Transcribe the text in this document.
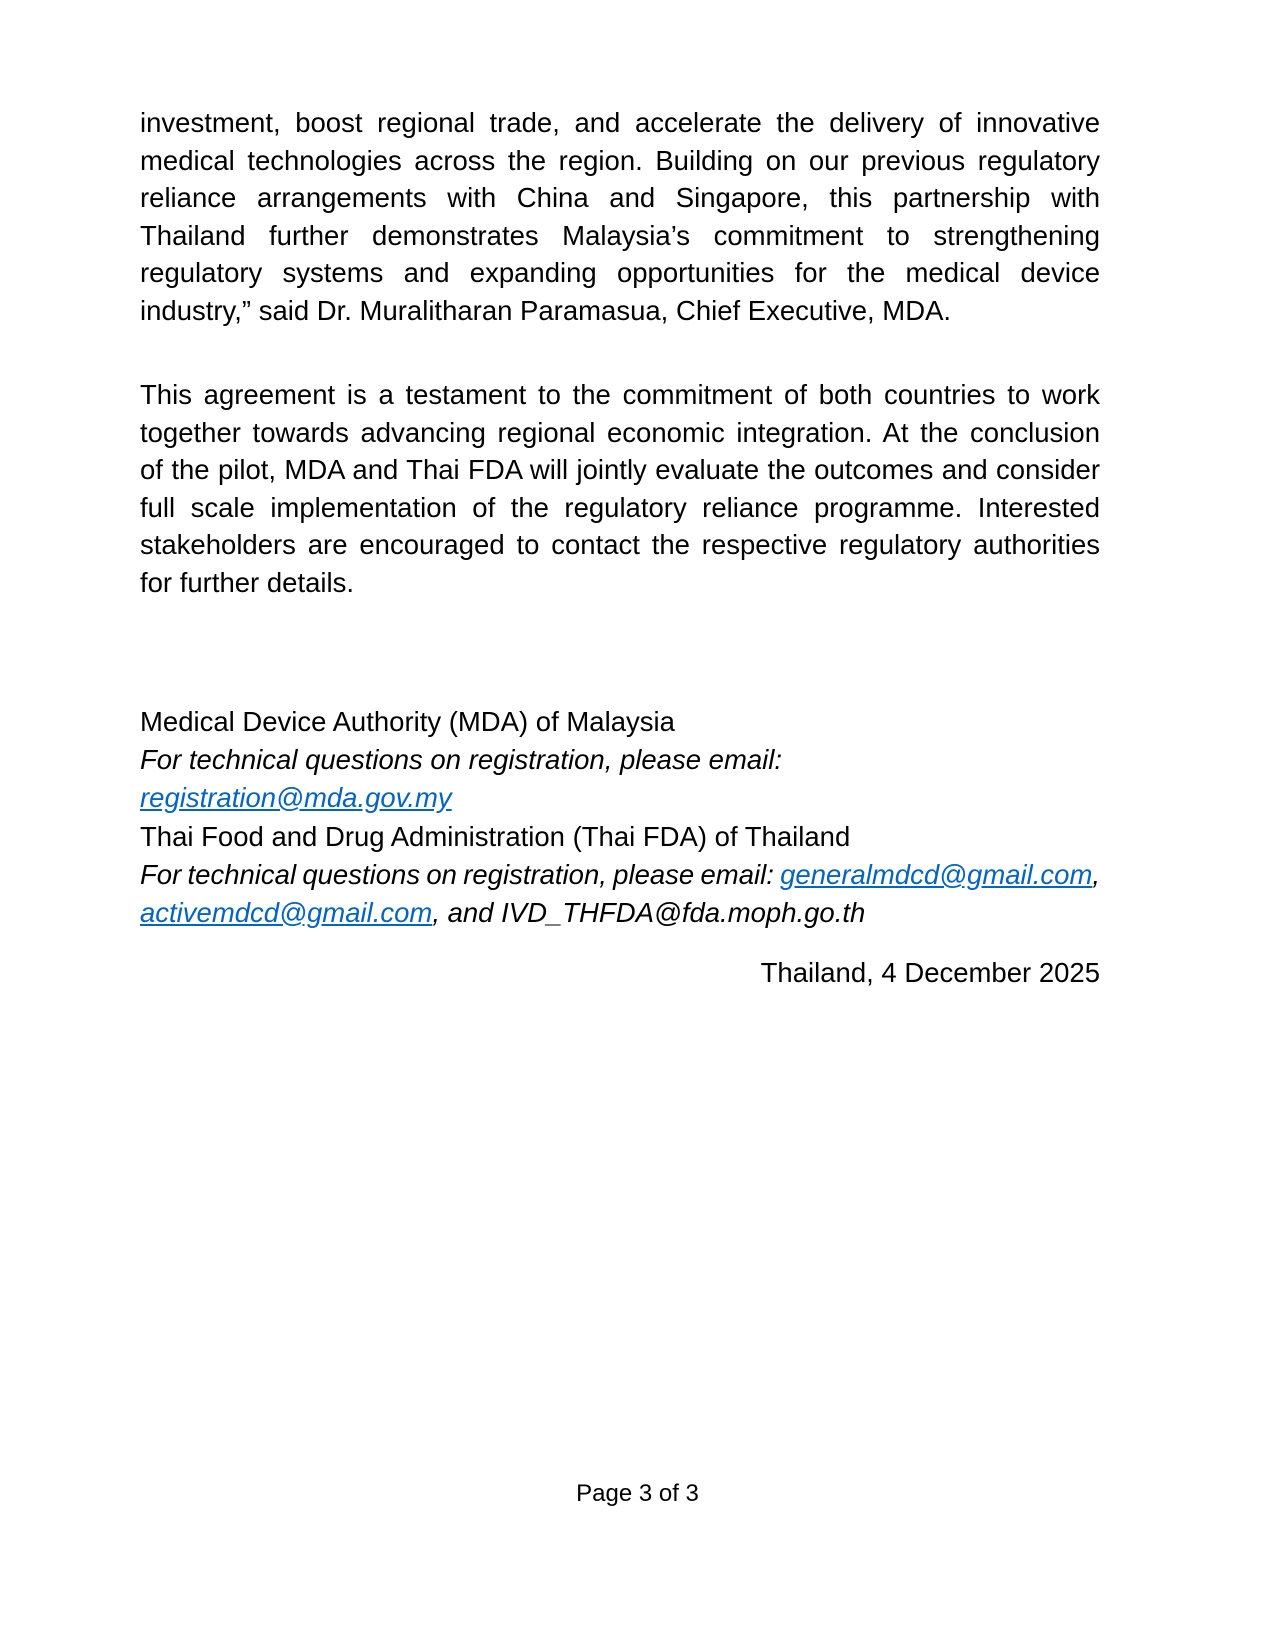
investment, boost regional trade, and accelerate the delivery of innovative
medical technologies across the region. Building on our previous regulatory
reliance arrangements with China and Singapore, this partnership with
Thailand further demonstrates Malaysia’s commitment to strengthening
regulatory systems and expanding opportunities for the medical device
industry,” said Dr. Muralitharan Paramasua, Chief Executive, MDA.
This agreement is a testament to the commitment of both countries to work
together towards advancing regional economic integration. At the conclusion
of the pilot, MDA and Thai FDA will jointly evaluate the outcomes and consider
full scale implementation of the regulatory reliance programme. Interested
stakeholders are encouraged to contact the respective regulatory authorities
for further details.
Medical Device Authority (MDA) of Malaysia
For technical questions on registration, please email: registration@mda.gov.my
Thai Food and Drug Administration (Thai FDA) of Thailand
For technical questions on registration, please email: generalmdcd@gmail.com,
activemdcd@gmail.com, and IVD_THFDA@fda.moph.go.th
Thailand, 4 December 2025
Page 3 of 3
